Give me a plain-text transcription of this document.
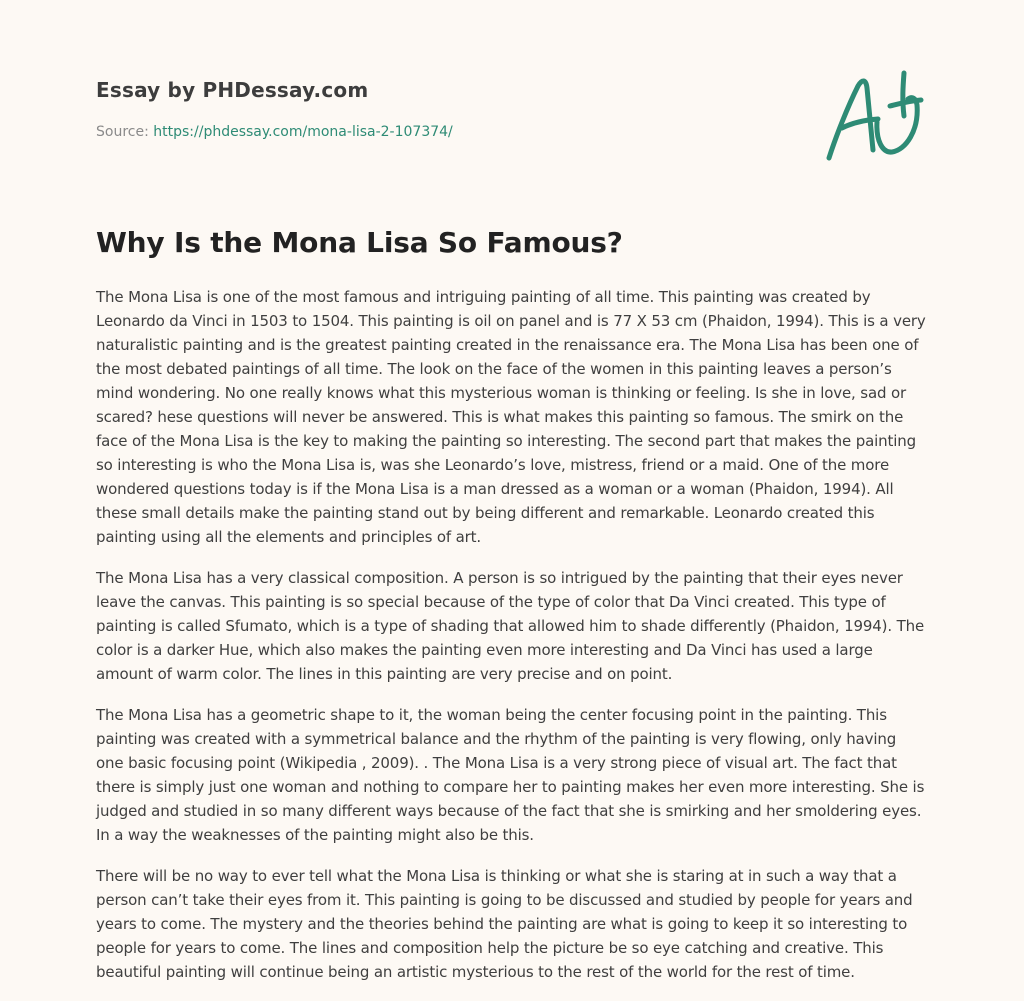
Essay by PHDessay.com
Source: https://phdessay.com/mona-lisa-2-107374/
Why Is the Mona Lisa So Famous?

The Mona Lisa is one of the most famous and intriguing painting of all time. This painting was created by Leonardo da Vinci in 1503 to 1504. This painting is oil on panel and is 77 X 53 cm (Phaidon, 1994). This is a very naturalistic painting and is the greatest painting created in the renaissance era. The Mona Lisa has been one of the most debated paintings of all time. The look on the face of the women in this painting leaves a person’s mind wondering. No one really knows what this mysterious woman is thinking or feeling. Is she in love, sad or scared? hese questions will never be answered. This is what makes this painting so famous. The smirk on the face of the Mona Lisa is the key to making the painting so interesting. The second part that makes the painting so interesting is who the Mona Lisa is, was she Leonardo’s love, mistress, friend or a maid. One of the more wondered questions today is if the Mona Lisa is a man dressed as a woman or a woman (Phaidon, 1994). All these small details make the painting stand out by being different and remarkable. Leonardo created this painting using all the elements and principles of art.

The Mona Lisa has a very classical composition. A person is so intrigued by the painting that their eyes never leave the canvas. This painting is so special because of the type of color that Da Vinci created. This type of painting is called Sfumato, which is a type of shading that allowed him to shade differently (Phaidon, 1994). The color is a darker Hue, which also makes the painting even more interesting and Da Vinci has used a large amount of warm color. The lines in this painting are very precise and on point.

The Mona Lisa has a geometric shape to it, the woman being the center focusing point in the painting. This painting was created with a symmetrical balance and the rhythm of the painting is very flowing, only having one basic focusing point (Wikipedia , 2009). . The Mona Lisa is a very strong piece of visual art. The fact that there is simply just one woman and nothing to compare her to painting makes her even more interesting. She is judged and studied in so many different ways because of the fact that she is smirking and her smoldering eyes. In a way the weaknesses of the painting might also be this.

There will be no way to ever tell what the Mona Lisa is thinking or what she is staring at in such a way that a person can’t take their eyes from it. This painting is going to be discussed and studied by people for years and years to come. The mystery and the theories behind the painting are what is going to keep it so interesting to people for years to come. The lines and composition help the picture be so eye catching and creative. This beautiful painting will continue being an artistic mysterious to the rest of the world for the rest of time.
